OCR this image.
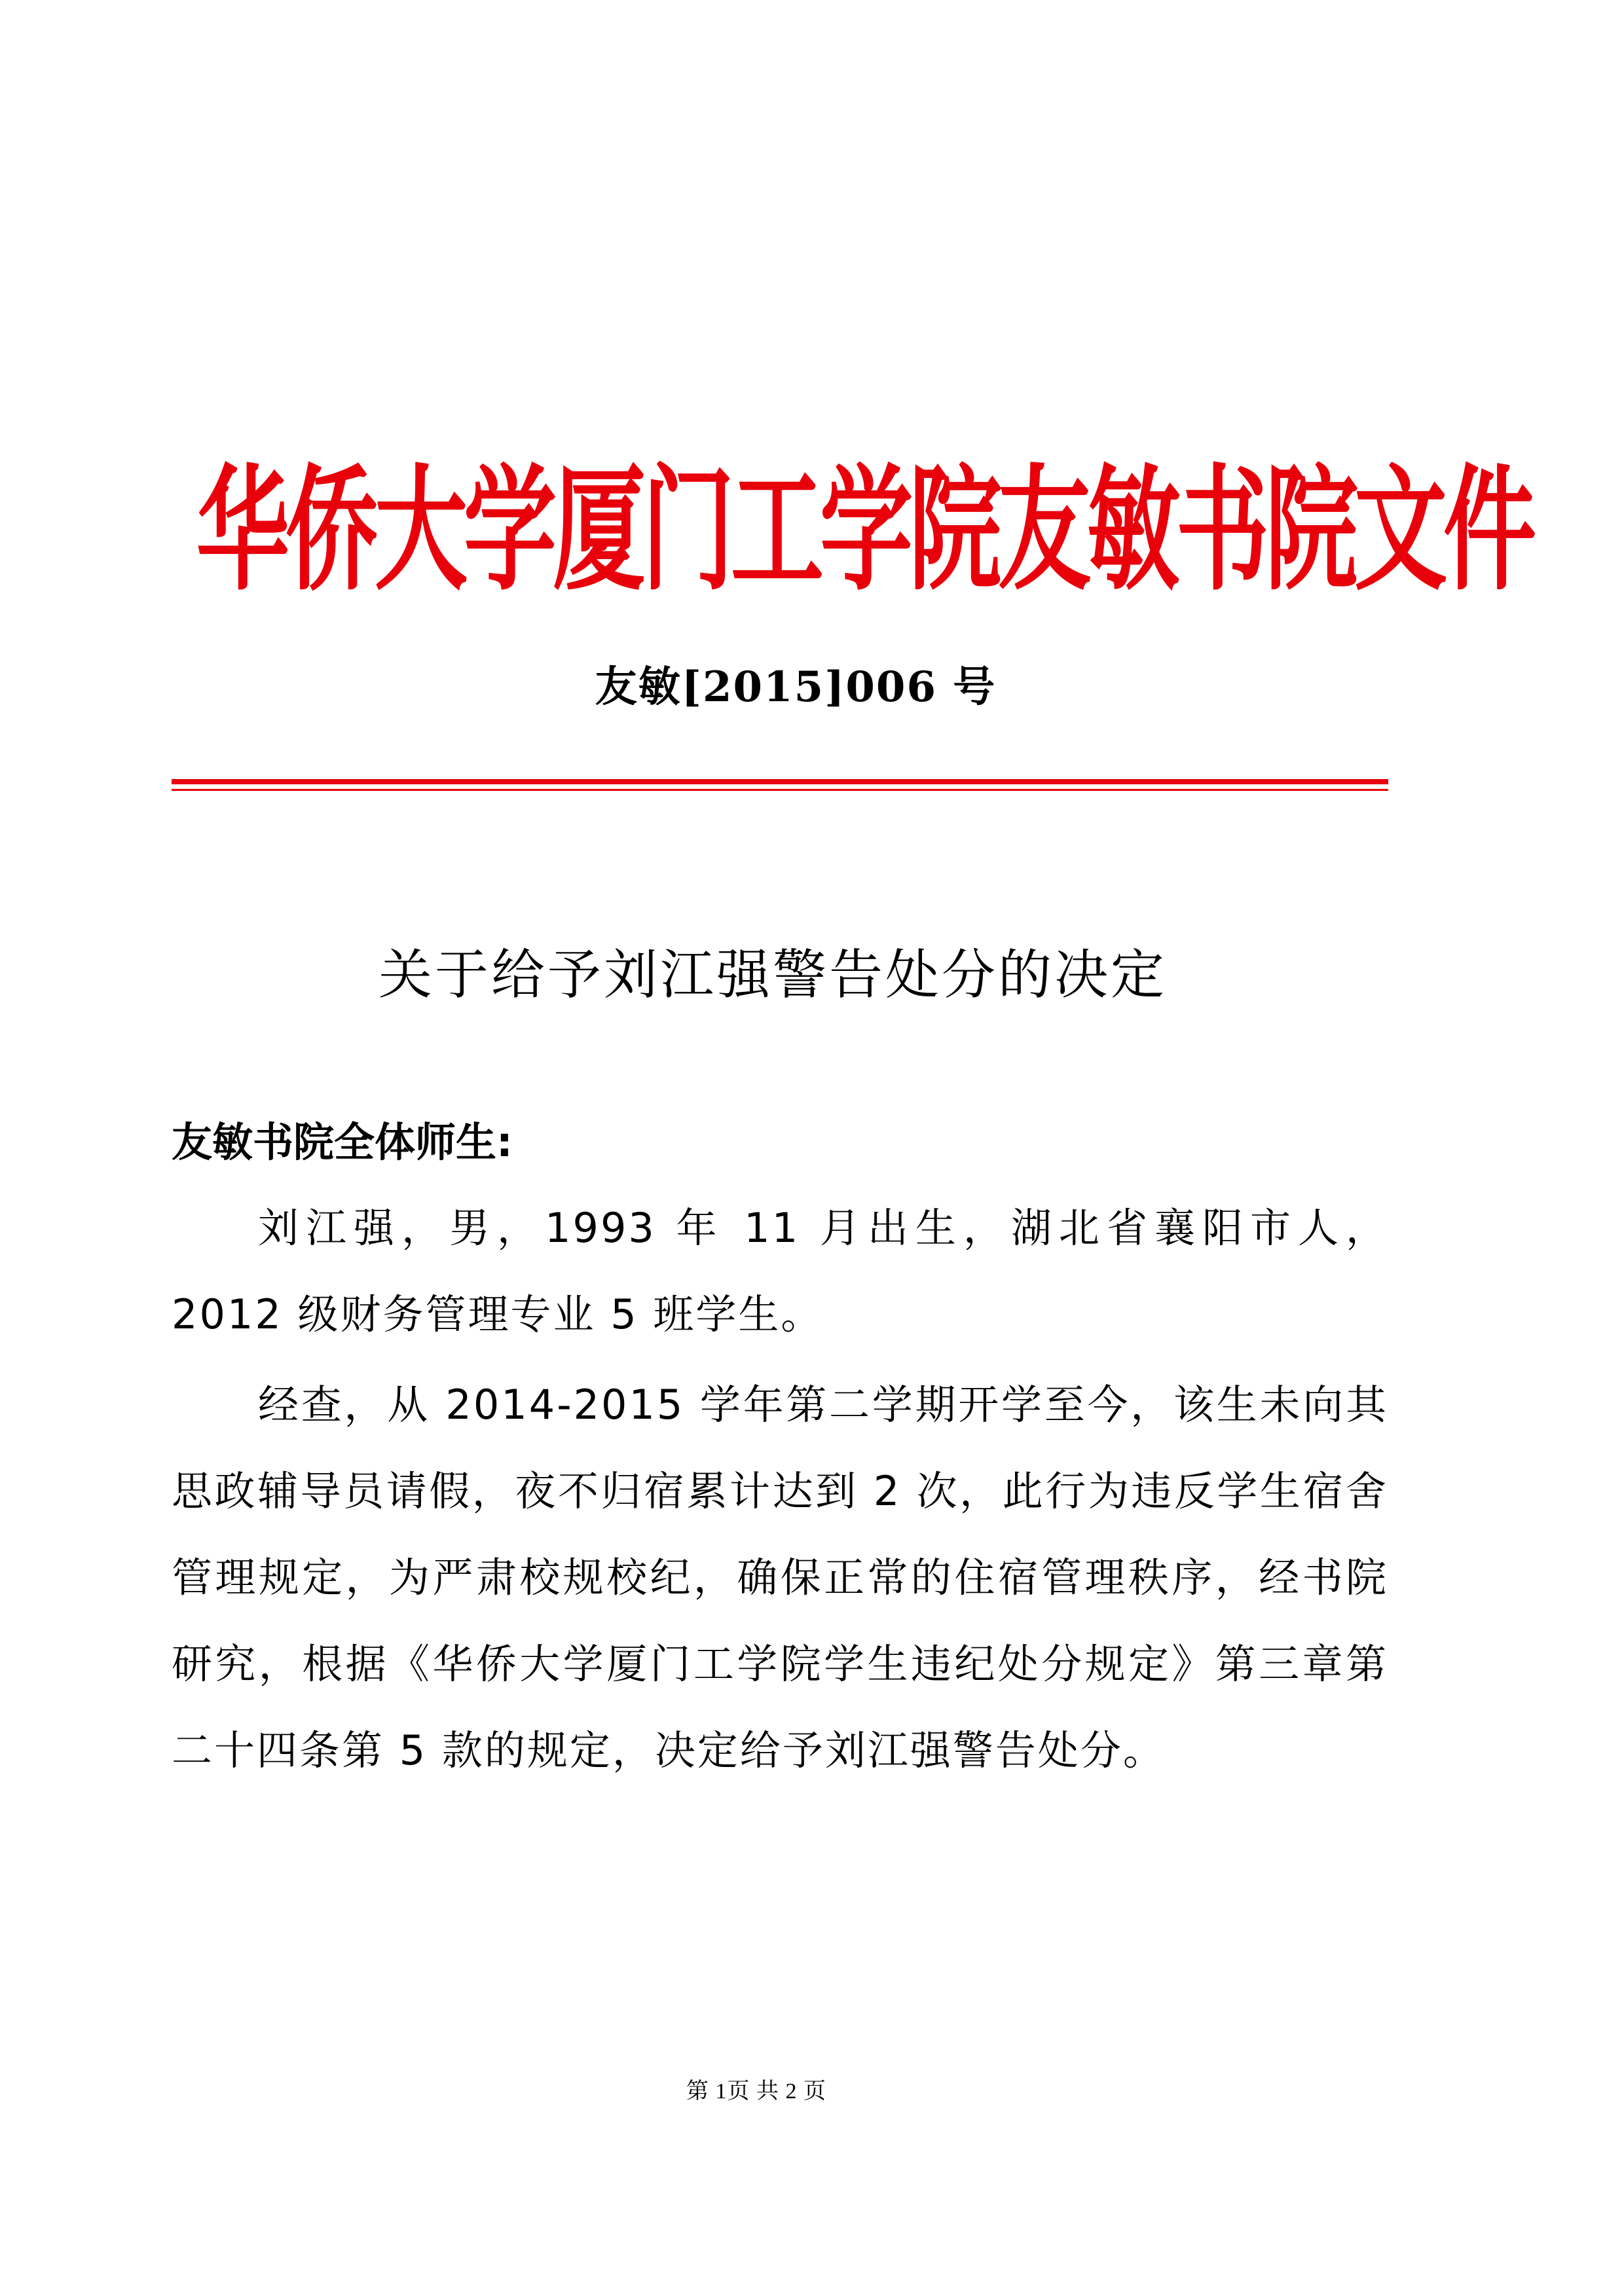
华侨大学厦门工学院友敏书院文件
友敏[2015]006 号
关于给予刘江强警告处分的决定
友敏书院全体师生:

刘江强，男，1993 年 11 月出生，湖北省襄阳市人，2012 级财务管理专业 5 班学生。

经查，从 2014-2015 学年第二学期开学至今，该生未向其思政辅导员请假，夜不归宿累计达到 2 次，此行为违反学生宿舍管理规定，为严肃校规校纪，确保正常的住宿管理秩序，经书院研究，根据《华侨大学厦门工学院学生违纪处分规定》第三章第二十四条第 5 款的规定，决定给予刘江强警告处分。

第 1页 共 2 页
